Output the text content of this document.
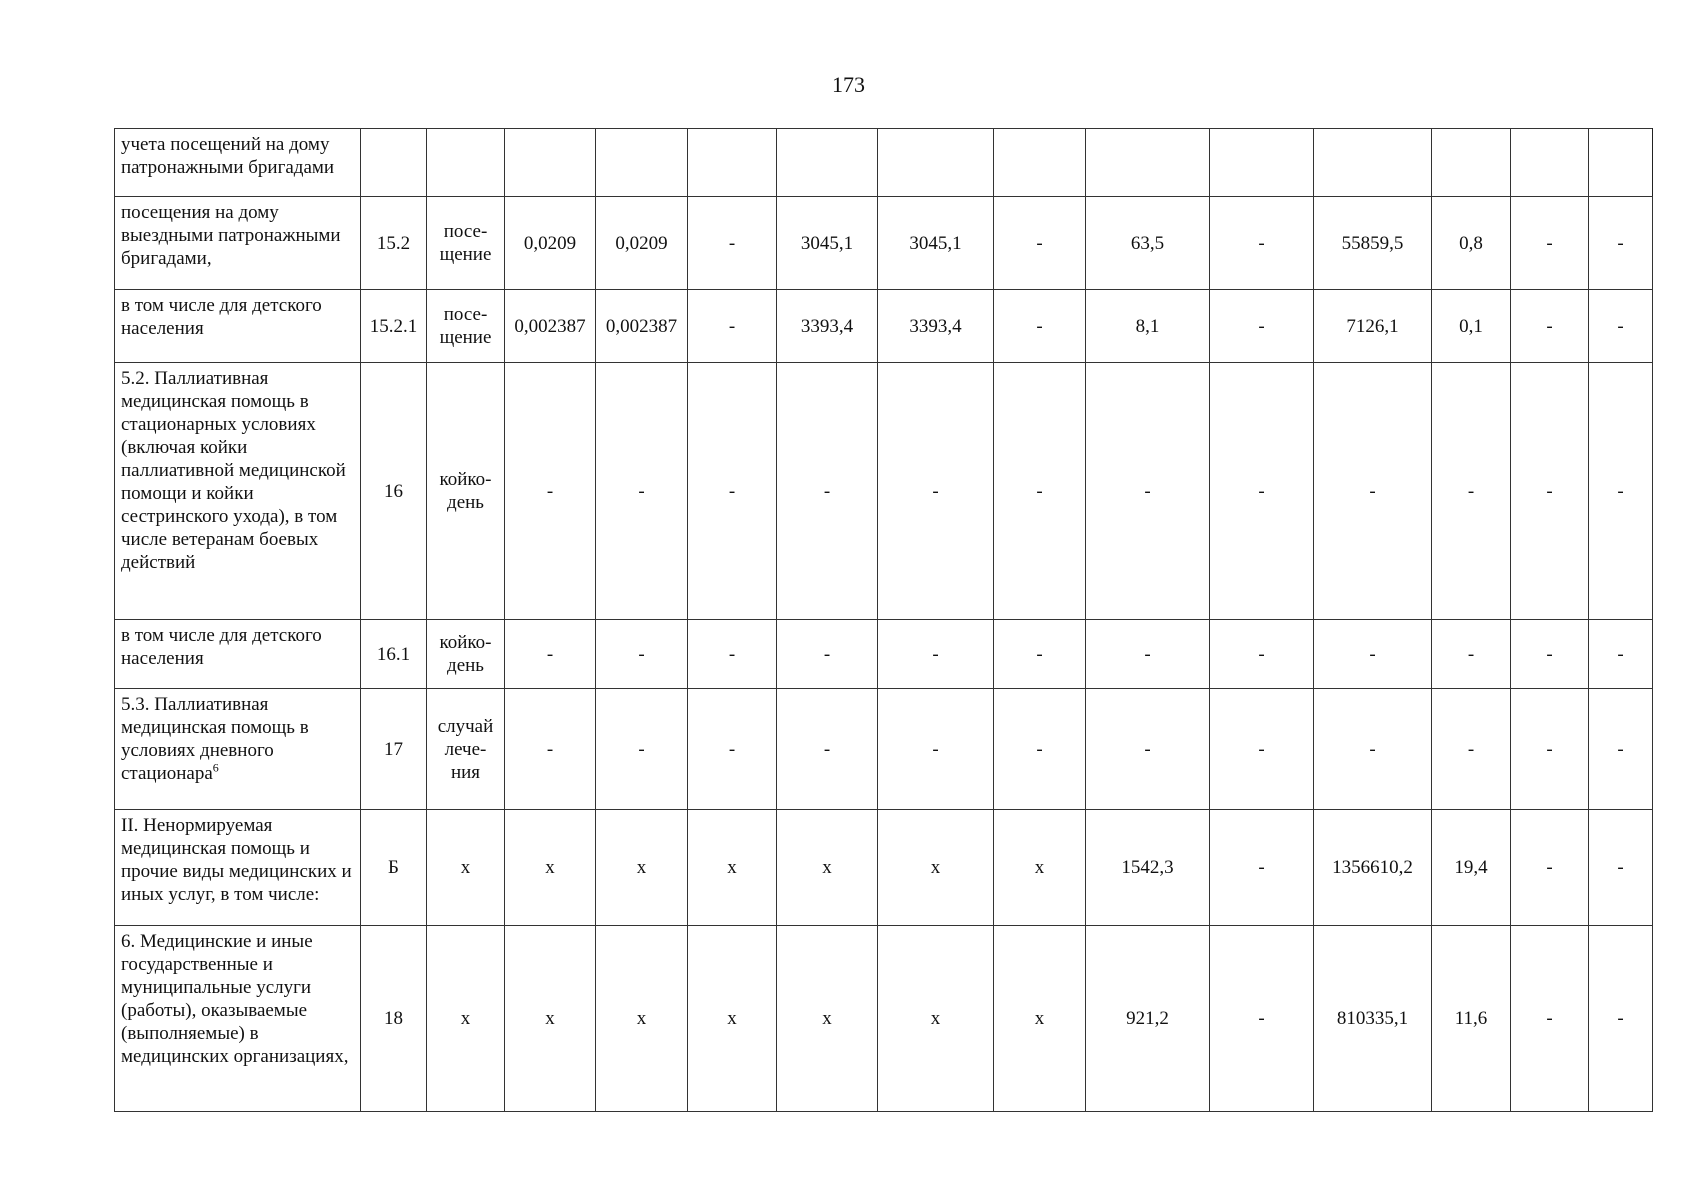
173
учета посещений на дому патронажными бригадами															
посещения на дому выездными патронажными бригадами,	15.2	посе-щение	0,0209	0,0209	-	3045,1	3045,1	-	63,5	-	55859,5	0,8	-	-	
в том числе для детского населения	15.2.1	посе-щение	0,002387	0,002387	-	3393,4	3393,4	-	8,1	-	7126,1	0,1	-	-	
5.2. Паллиативная медицинская помощь в стационарных условиях (включая койки паллиативной медицинской помощи и койки сестринского ухода), в том числе ветеранам боевых действий	16	койко-день	-	-	-	-	-	-	-	-	-	-	-	-	
в том числе для детского населения	16.1	койко-день	-	-	-	-	-	-	-	-	-	-	-	-	
5.3. Паллиативная медицинская помощь в условиях дневного стационара$^6$	17	случай лече-ния	-	-	-	-	-	-	-	-	-	-	-	-	
II. Ненормируемая медицинская помощь и прочие виды медицинских и иных услуг, в том числе:	Б	х	х	х	х	х	х	х	1542,3	-	1356610,2	19,4	-	-	
6. Медицинские и иные государственные и муниципальные услуги (работы), оказываемые (выполняемые) в медицинских организациях,	18	х	х	х	х	х	х	х	921,2	-	810335,1	11,6	-	-	
